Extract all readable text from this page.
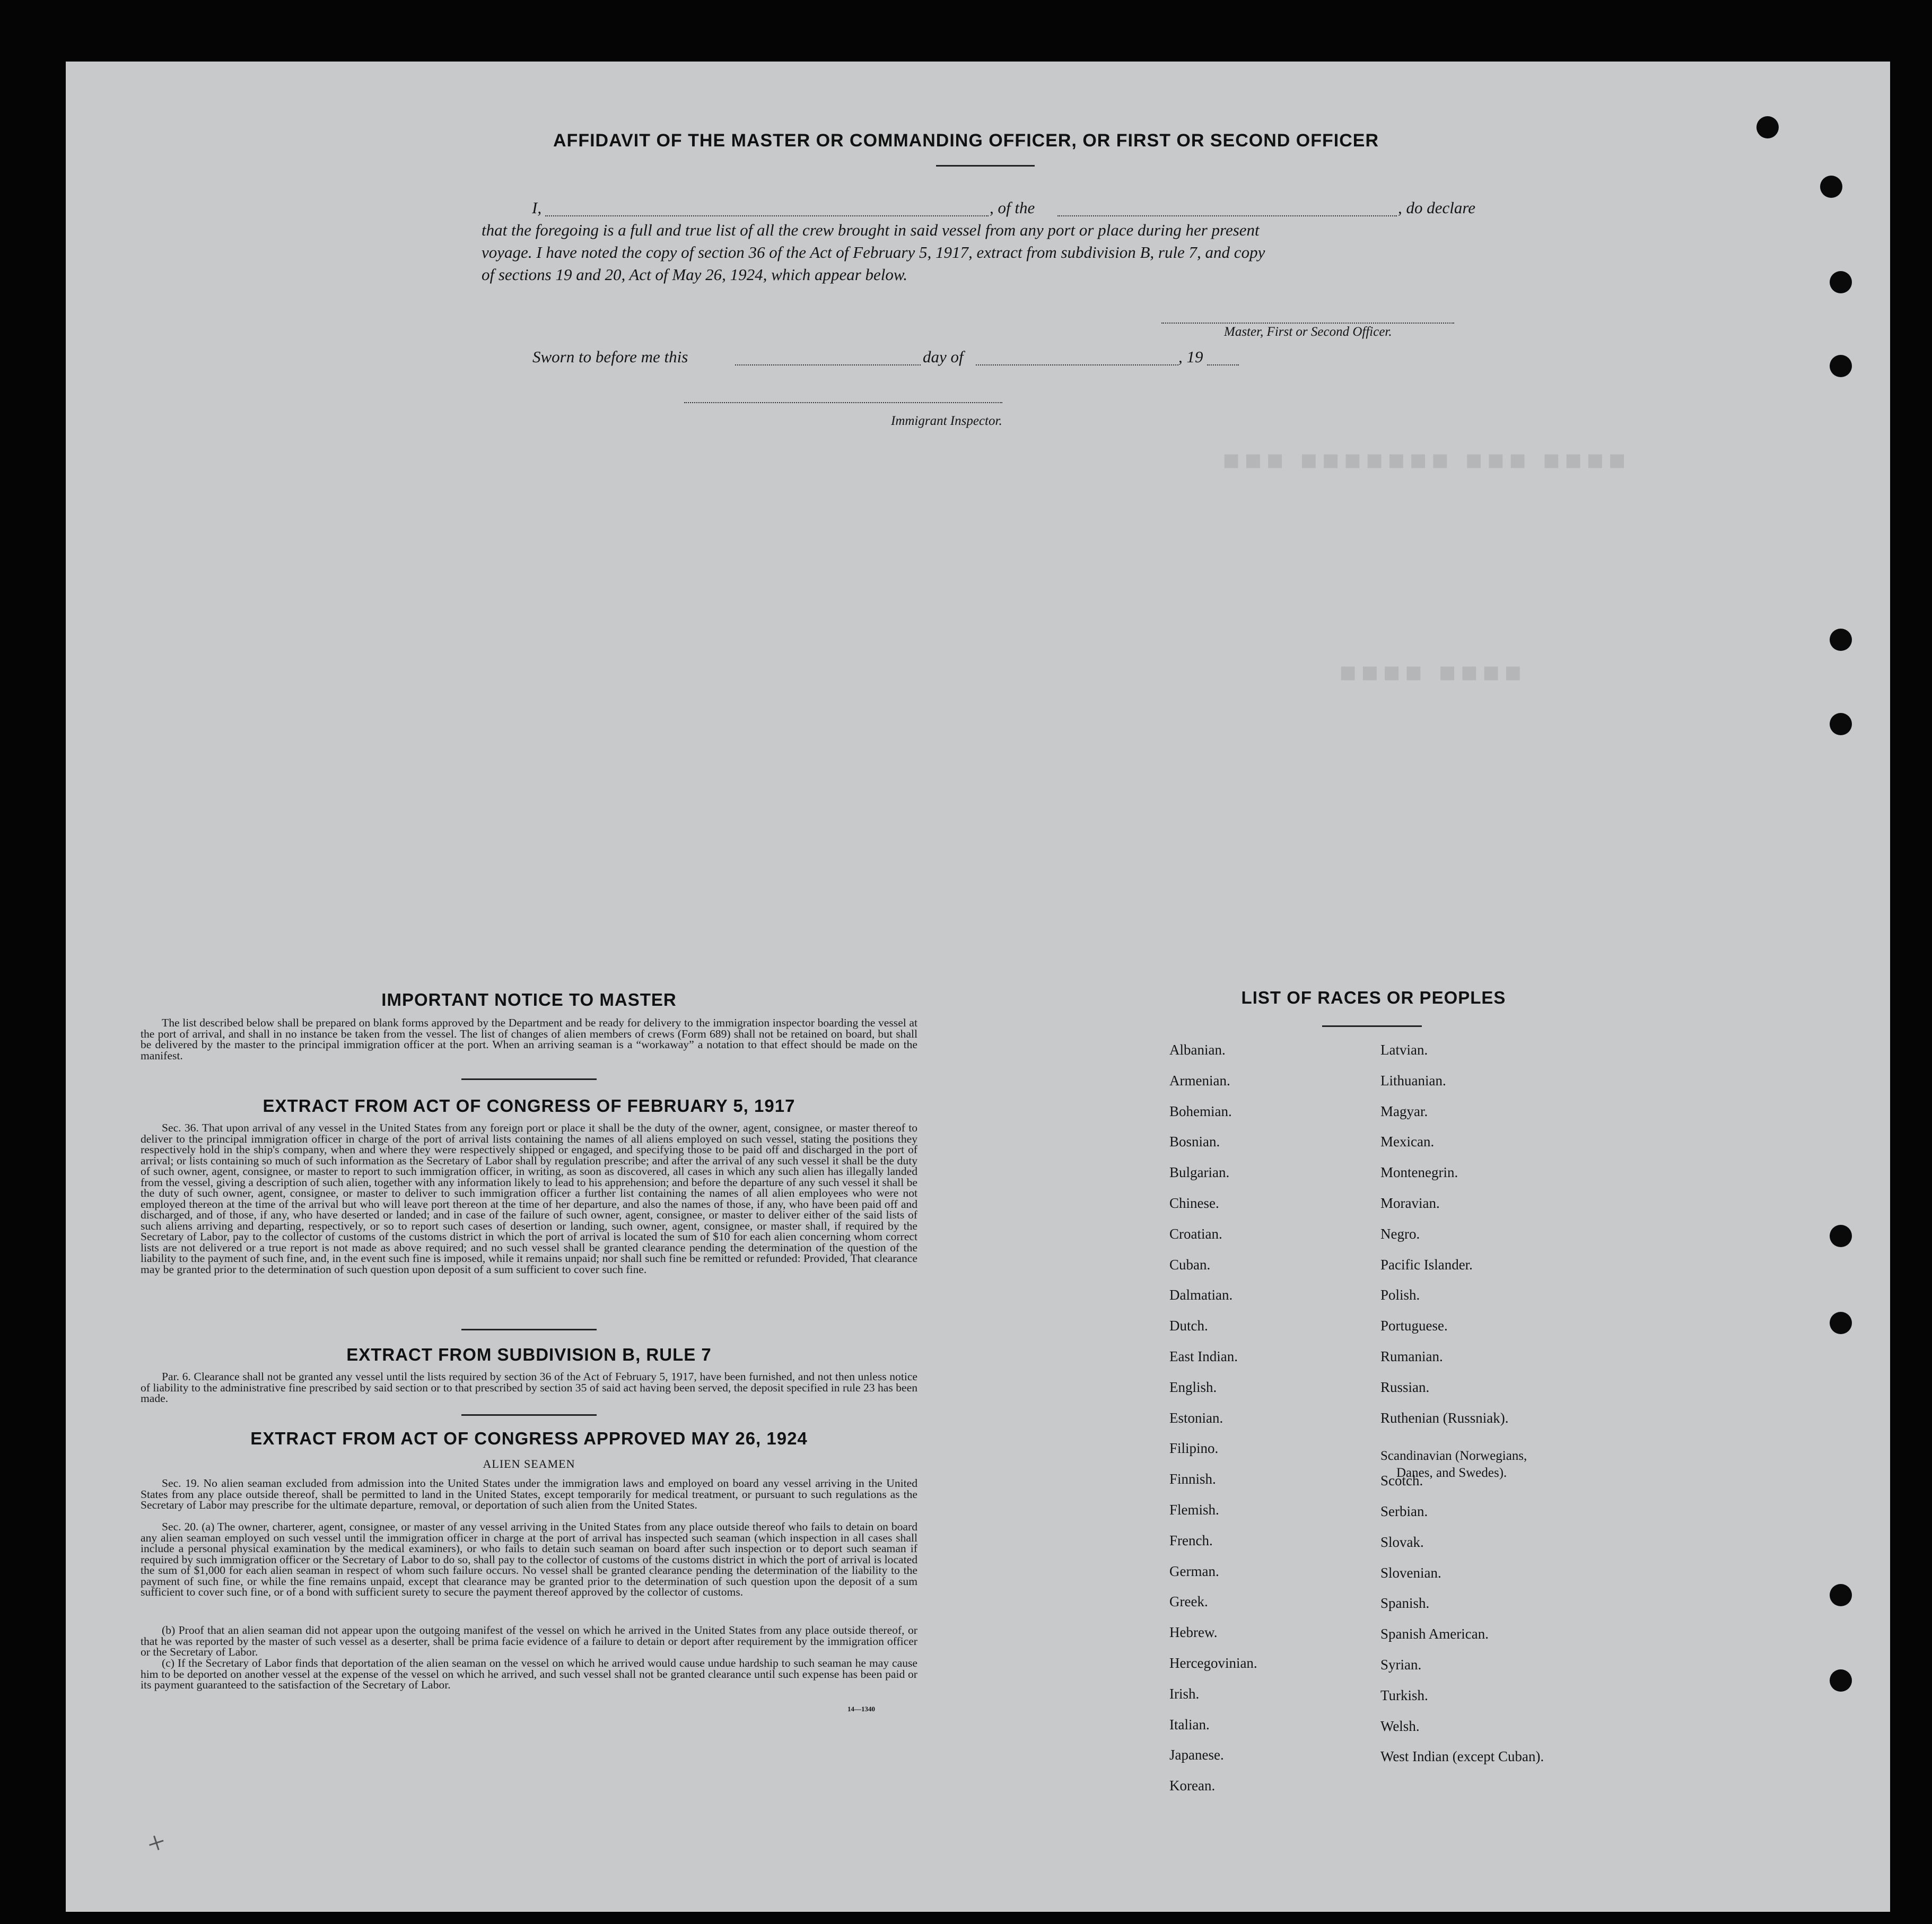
▪▪▪ ▪▪▪▪▪▪▪ ▪▪▪ ▪▪▪▪
▪▪▪▪ ▪▪▪▪
AFFIDAVIT OF THE MASTER OR COMMANDING OFFICER, OR FIRST OR SECOND OFFICER
I,	, of the	, do declare
that the foregoing is a full and true list of all the crew brought in said vessel from any port or place during her present
voyage. I have noted the copy of section 36 of the Act of February 5, 1917, extract from subdivision B, rule 7, and copy
of sections 19 and 20, Act of May 26, 1924, which appear below.
Master, First or Second Officer.
Sworn to before me this	day of	, 19
Immigrant Inspector.
IMPORTANT NOTICE TO MASTER
The list described below shall be prepared on blank forms approved by the Department and be ready for delivery to the immigration inspector boarding the vessel at the port of arrival, and shall in no instance be taken from the vessel. The list of changes of alien members of crews (Form 689) shall not be retained on board, but shall be delivered by the master to the principal immigration officer at the port. When an arriving seaman is a “workaway” a notation to that effect should be made on the manifest.
EXTRACT FROM ACT OF CONGRESS OF FEBRUARY 5, 1917
Sec. 36. That upon arrival of any vessel in the United States from any foreign port or place it shall be the duty of the owner, agent, consignee, or master thereof to deliver to the principal immigration officer in charge of the port of arrival lists containing the names of all aliens employed on such vessel, stating the positions they respectively hold in the ship's company, when and where they were respectively shipped or engaged, and specifying those to be paid off and discharged in the port of arrival; or lists containing so much of such information as the Secretary of Labor shall by regulation prescribe; and after the arrival of any such vessel it shall be the duty of such owner, agent, consignee, or master to report to such immigration officer, in writing, as soon as discovered, all cases in which any such alien has illegally landed from the vessel, giving a description of such alien, together with any information likely to lead to his apprehension; and before the departure of any such vessel it shall be the duty of such owner, agent, consignee, or master to deliver to such immigration officer a further list containing the names of all alien employees who were not employed thereon at the time of the arrival but who will leave port thereon at the time of her departure, and also the names of those, if any, who have been paid off and discharged, and of those, if any, who have deserted or landed; and in case of the failure of such owner, agent, consignee, or master to deliver either of the said lists of such aliens arriving and departing, respectively, or so to report such cases of desertion or landing, such owner, agent, consignee, or master shall, if required by the Secretary of Labor, pay to the collector of customs of the customs district in which the port of arrival is located the sum of $10 for each alien concerning whom correct lists are not delivered or a true report is not made as above required; and no such vessel shall be granted clearance pending the determination of the question of the liability to the payment of such fine, and, in the event such fine is imposed, while it remains unpaid; nor shall such fine be remitted or refunded: Provided, That clearance may be granted prior to the determination of such question upon deposit of a sum sufficient to cover such fine.
EXTRACT FROM SUBDIVISION B, RULE 7
Par. 6. Clearance shall not be granted any vessel until the lists required by section 36 of the Act of February 5, 1917, have been furnished, and not then unless notice of liability to the administrative fine prescribed by said section or to that prescribed by section 35 of said act having been served, the deposit specified in rule 23 has been made.
EXTRACT FROM ACT OF CONGRESS APPROVED MAY 26, 1924
ALIEN SEAMEN
Sec. 19. No alien seaman excluded from admission into the United States under the immigration laws and employed on board any vessel arriving in the United States from any place outside thereof, shall be permitted to land in the United States, except temporarily for medical treatment, or pursuant to such regulations as the Secretary of Labor may prescribe for the ultimate departure, removal, or deportation of such alien from the United States.
Sec. 20. (a) The owner, charterer, agent, consignee, or master of any vessel arriving in the United States from any place outside thereof who fails to detain on board any alien seaman employed on such vessel until the immigration officer in charge at the port of arrival has inspected such seaman (which inspection in all cases shall include a personal physical examination by the medical examiners), or who fails to detain such seaman on board after such inspection or to deport such seaman if required by such immigration officer or the Secretary of Labor to do so, shall pay to the collector of customs of the customs district in which the port of arrival is located the sum of $1,000 for each alien seaman in respect of whom such failure occurs. No vessel shall be granted clearance pending the determination of the liability to the payment of such fine, or while the fine remains unpaid, except that clearance may be granted prior to the determination of such question upon the deposit of a sum sufficient to cover such fine, or of a bond with sufficient surety to secure the payment thereof approved by the collector of customs.
(b) Proof that an alien seaman did not appear upon the outgoing manifest of the vessel on which he arrived in the United States from any place outside thereof, or that he was reported by the master of such vessel as a deserter, shall be prima facie evidence of a failure to detain or deport after requirement by the immigration officer or the Secretary of Labor.
(c) If the Secretary of Labor finds that deportation of the alien seaman on the vessel on which he arrived would cause undue hardship to such seaman he may cause him to be deported on another vessel at the expense of the vessel on which he arrived, and such vessel shall not be granted clearance until such expense has been paid or its payment guaranteed to the satisfaction of the Secretary of Labor.
14—1340
+
LIST OF RACES OR PEOPLES
Albanian.
Armenian.
Bohemian.
Bosnian.
Bulgarian.
Chinese.
Croatian.
Cuban.
Dalmatian.
Dutch.
East Indian.
English.
Estonian.
Filipino.
Finnish.
Flemish.
French.
German.
Greek.
Hebrew.
Hercegovinian.
Irish.
Italian.
Japanese.
Korean.
Latvian.
Lithuanian.
Magyar.
Mexican.
Montenegrin.
Moravian.
Negro.
Pacific Islander.
Polish.
Portuguese.
Rumanian.
Russian.
Ruthenian (Russniak).
Scandinavian (Norwegians,
Danes, and Swedes).
Scotch.
Serbian.
Slovak.
Slovenian.
Spanish.
Spanish American.
Syrian.
Turkish.
Welsh.
West Indian (except Cuban).
